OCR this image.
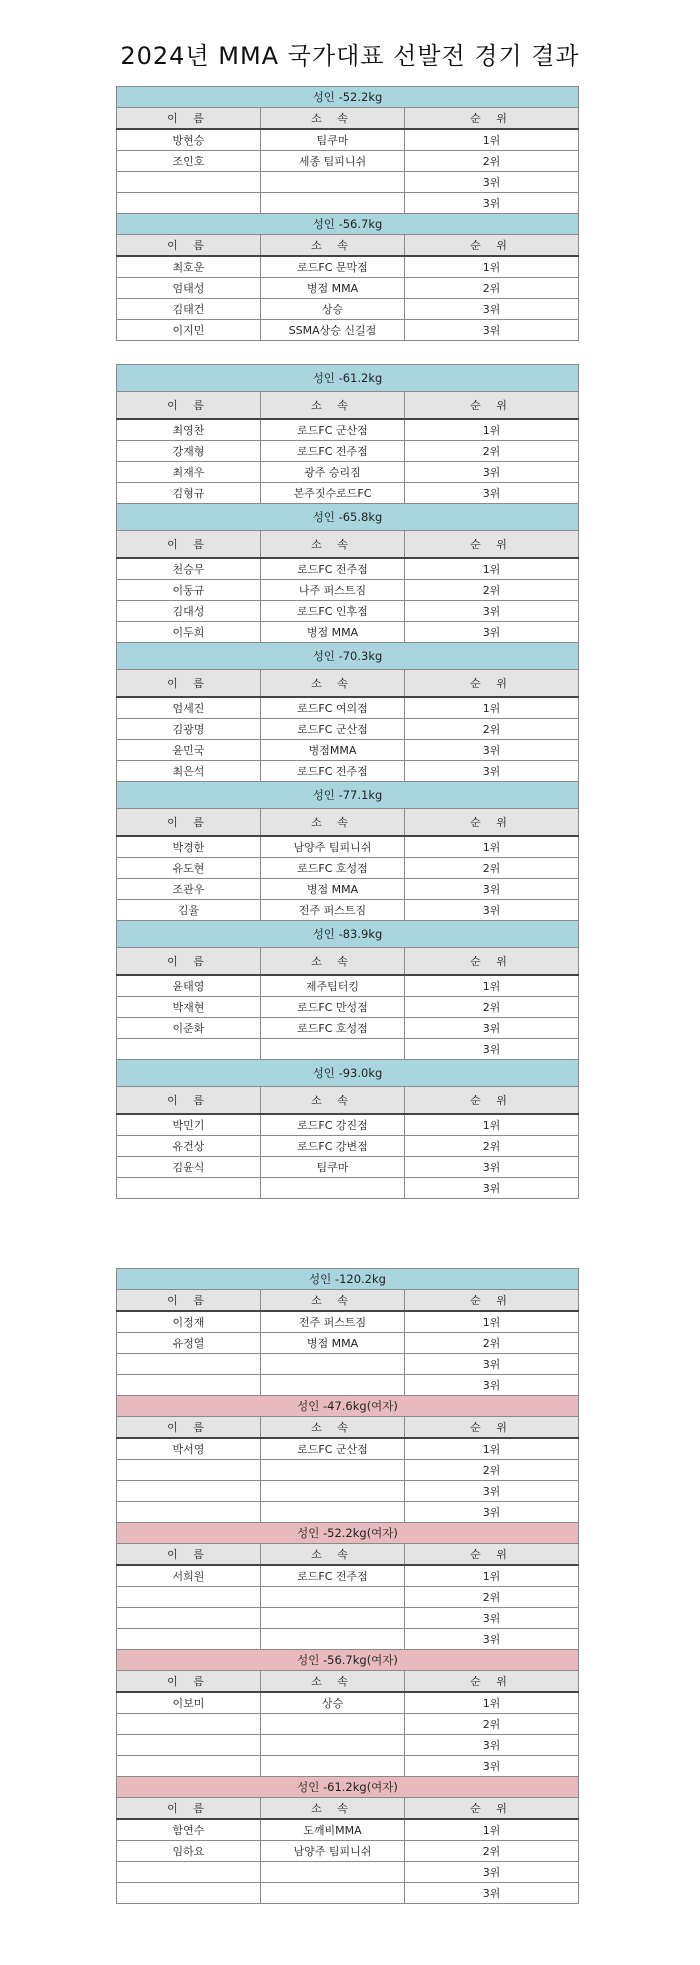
2024년 MMA 국가대표 선발전 경기 결과
성인 -52.2kg		
이 름	소 속	순 위
방현승	팀쿠마	1위
조인호	세종 팀피니쉬	2위
		3위
		3위
성인 -56.7kg		
이 름	소 속	순 위
최호운	로드FC 문막점	1위
엄태성	병점 MMA	2위
김태건	상승	3위
이지민	SSMA상승 신길점	3위
성인 -61.2kg		
이 름	소 속	순 위
최영찬	로드FC 군산점	1위
강재형	로드FC 전주점	2위
최재우	광주 승리짐	3위
김형규	본주짓수로드FC	3위
성인 -65.8kg		
이 름	소 속	순 위
천승무	로드FC 전주점	1위
이동규	나주 퍼스트짐	2위
김대성	로드FC 인후점	3위
이두희	병점 MMA	3위
성인 -70.3kg		
이 름	소 속	순 위
엄세진	로드FC 여의점	1위
김광명	로드FC 군산점	2위
윤민국	병점MMA	3위
최은석	로드FC 전주점	3위
성인 -77.1kg		
이 름	소 속	순 위
박경한	남양주 팀피니쉬	1위
유도현	로드FC 호성점	2위
조관우	병점 MMA	3위
김율	전주 퍼스트짐	3위
성인 -83.9kg		
이 름	소 속	순 위
윤태영	제주팀터킹	1위
박재현	로드FC 만성점	2위
이준화	로드FC 호성점	3위
		3위
성인 -93.0kg		
이 름	소 속	순 위
박민기	로드FC 강진점	1위
유건상	로드FC 강변점	2위
김윤식	팀쿠마	3위
		3위
성인 -120.2kg		
이 름	소 속	순 위
이정재	전주 퍼스트짐	1위
유정열	병점 MMA	2위
		3위
		3위
성인 -47.6kg(여자)		
이 름	소 속	순 위
박서영	로드FC 군산점	1위
		2위
		3위
		3위
성인 -52.2kg(여자)		
이 름	소 속	순 위
서희원	로드FC 전주점	1위
		2위
		3위
		3위
성인 -56.7kg(여자)		
이 름	소 속	순 위
이보미	상승	1위
		2위
		3위
		3위
성인 -61.2kg(여자)		
이 름	소 속	순 위
함연수	도깨비MMA	1위
임하요	남양주 팀피니쉬	2위
		3위
		3위
